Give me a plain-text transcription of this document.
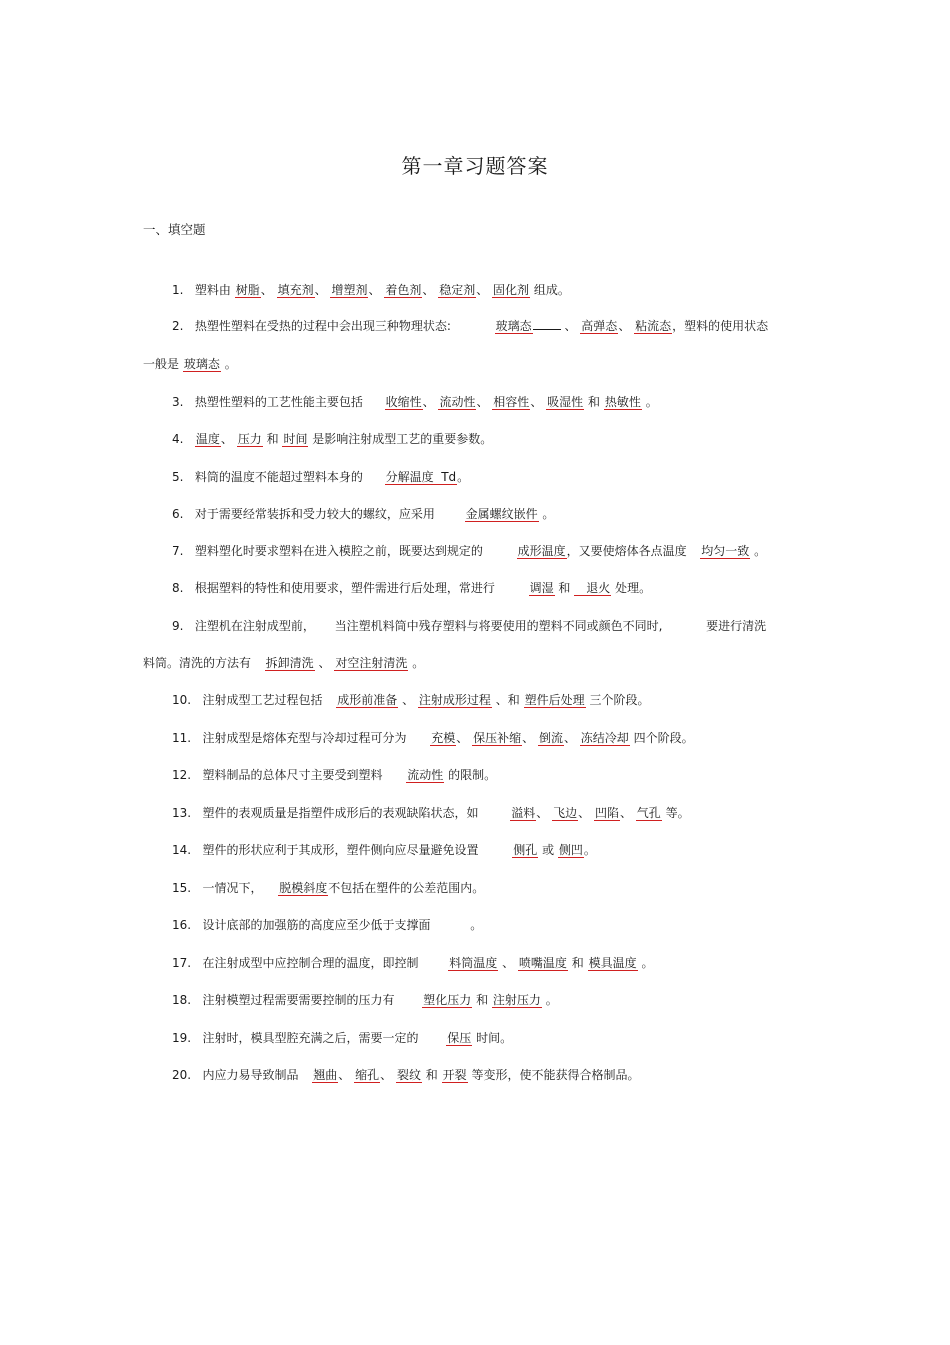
第一章习题答案
一、填空题
1. 塑料由 树脂、 填充剂、 增塑剂、 着色剂、 稳定剂、 固化剂 组成。
2. 热塑性塑料在受热的过程中会出现三种物理状态:	玻璃态	、 高弹态、 粘流态，塑料的使用状态
一般是 玻璃态 。
3. 热塑性塑料的工艺性能主要包括 收缩性、 流动性、 相容性、 吸湿性 和 热敏性 。
4. 温度、 压力 和 时间 是影响注射成型工艺的重要参数。
5. 料筒的温度不能超过塑料本身的 分解温度  Td。
6. 对于需要经常装拆和受力较大的螺纹，应采用	金属螺纹嵌件 。
7. 塑料塑化时要求塑料在进入模腔之前，既要达到规定的	成形温度，又要使熔体各点温度 均匀一致 。
8. 根据塑料的特性和使用要求，塑件需进行后处理，常进行	调湿 和 退火 处理。
9. 注塑机在注射成型前， 当注塑机料筒中残存塑料与将要使用的塑料不同或颜色不同时,	要进行清洗
料筒。清洗的方法有 拆卸清洗 、 对空注射清洗 。
10. 注射成型工艺过程包括 成形前准备 、 注射成形过程 、和 塑件后处理 三个阶段。
11. 注射成型是熔体充型与冷却过程可分为 充模、 保压补缩、 倒流、 冻结冷却 四个阶段。
12. 塑料制品的总体尺寸主要受到塑料 流动性 的限制。
13. 塑件的表观质量是指塑件成形后的表观缺陷状态，如	溢料、 飞边、 凹陷、 气孔 等。
14. 塑件的形状应利于其成形，塑件侧向应尽量避免设置	侧孔 或 侧凹。
15. 一情况下， 脱模斜度不包括在塑件的公差范围内。
16. 设计底部的加强筋的高度应至少低于支撑面	。
17. 在注射成型中应控制合理的温度，即控制	料筒温度 、 喷嘴温度 和 模具温度 。
18. 注射模塑过程需要需要控制的压力有 塑化压力 和 注射压力 。
19. 注射时，模具型腔充满之后，需要一定的 保压 时间。
20. 内应力易导致制品 翘曲、 缩孔、 裂纹 和 开裂 等变形，使不能获得合格制品。
